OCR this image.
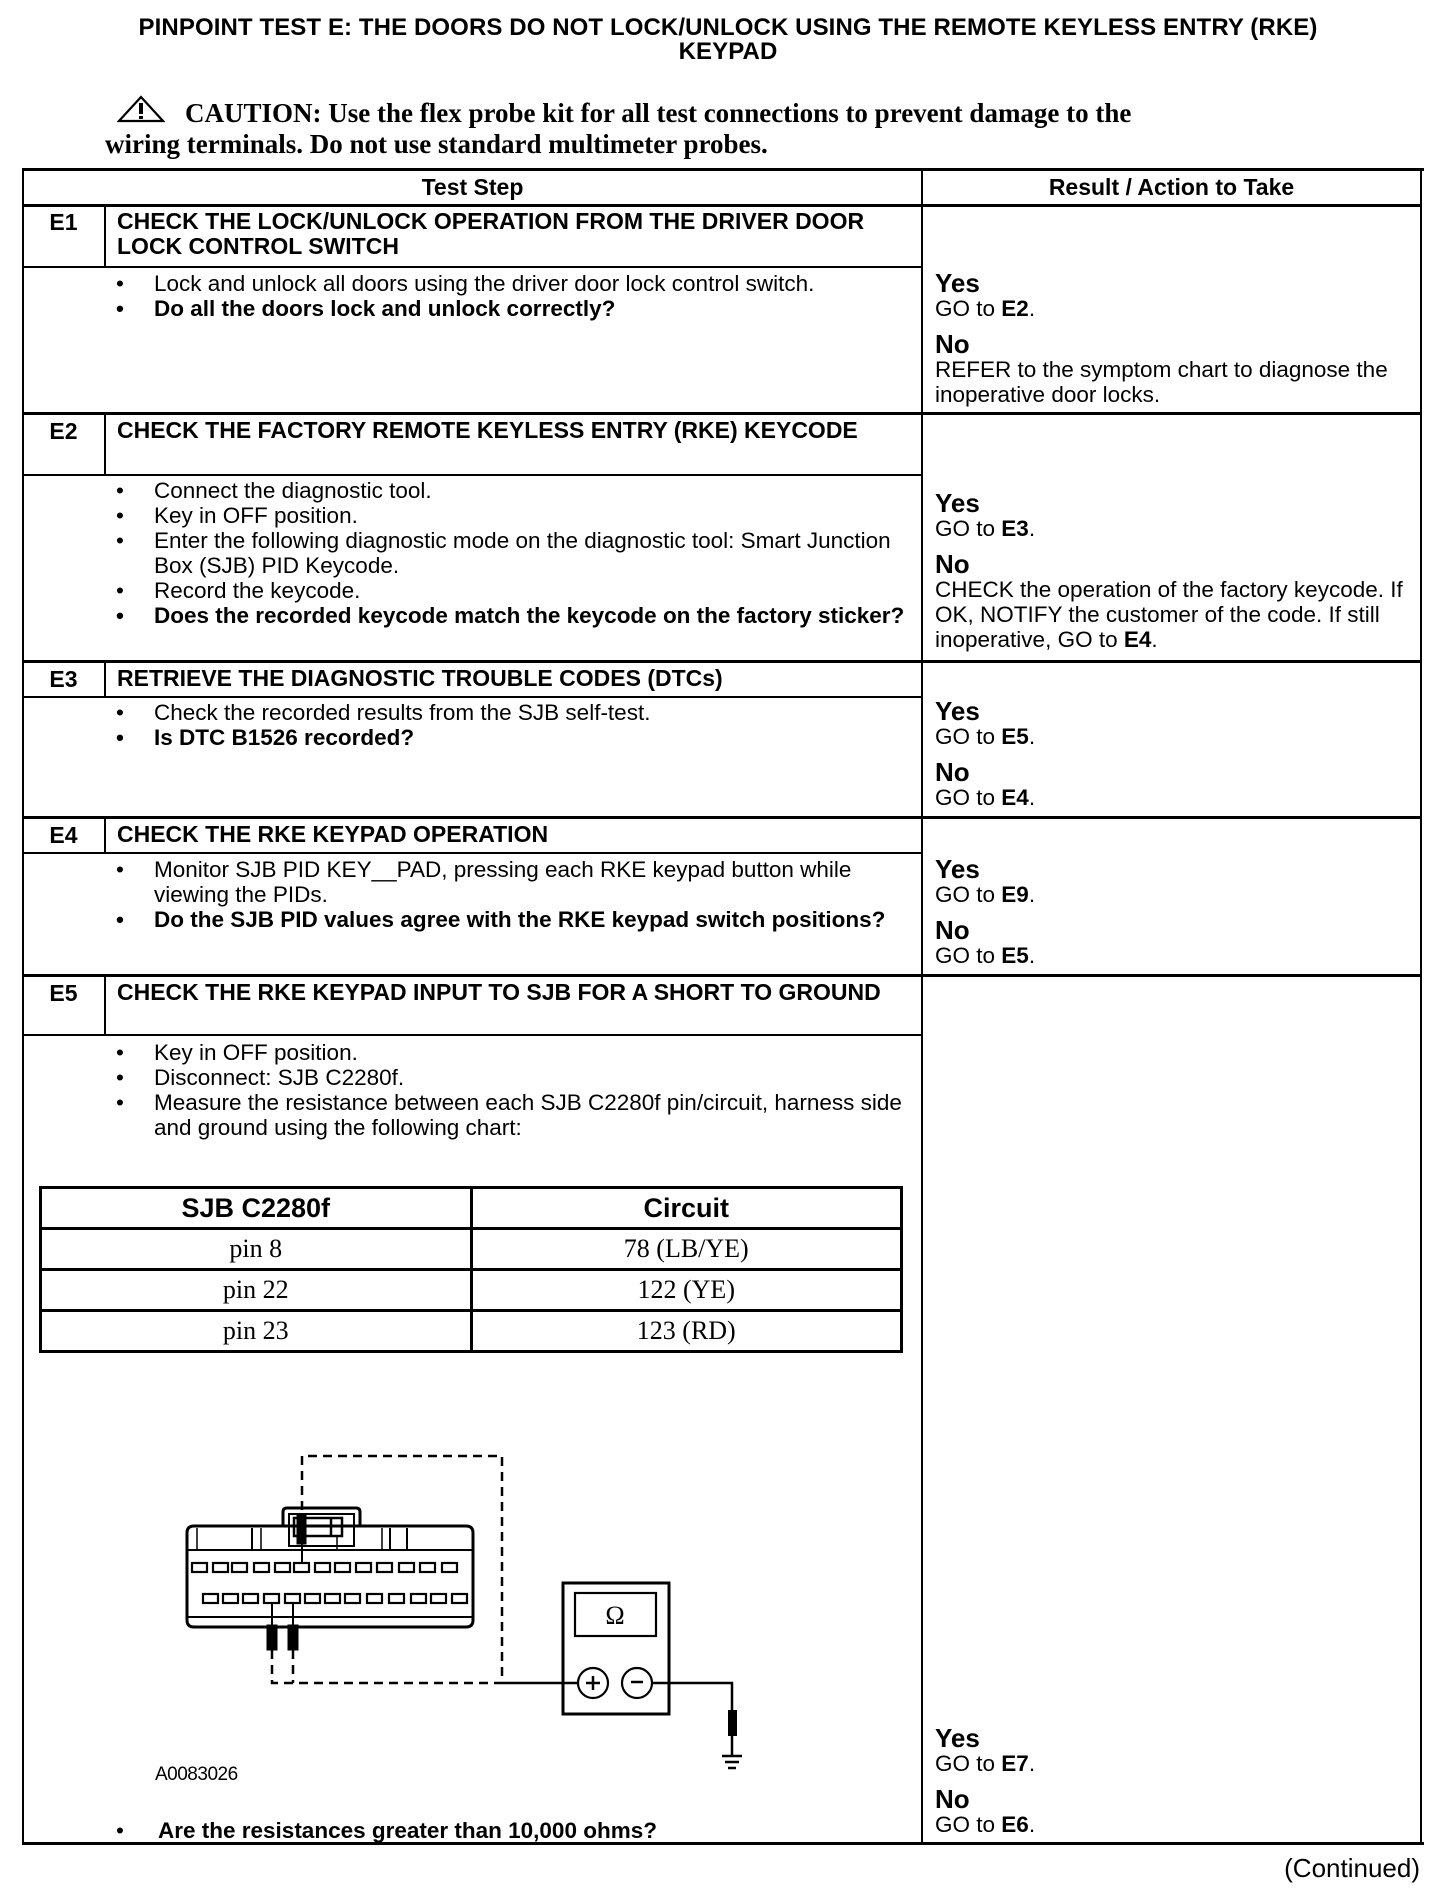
PINPOINT TEST E: THE DOORS DO NOT LOCK/UNLOCK USING THE REMOTE KEYLESS ENTRY (RKE)
KEYPAD
CAUTION: Use the flex probe kit for all test connections to prevent damage to the
wiring terminals. Do not use standard multimeter probes.
Test Step	Result / Action to Take
E1	CHECK THE LOCK/UNLOCK OPERATION FROM THE DRIVER DOOR LOCK CONTROL SWITCH
• Lock and unlock all doors using the driver door lock control switch.
• Do all the doors lock and unlock correctly?
Yes
GO to E2.
No
REFER to the symptom chart to diagnose the inoperative door locks.
E2	CHECK THE FACTORY REMOTE KEYLESS ENTRY (RKE) KEYCODE
• Connect the diagnostic tool.
• Key in OFF position.
• Enter the following diagnostic mode on the diagnostic tool: Smart Junction Box (SJB) PID Keycode.
• Record the keycode.
• Does the recorded keycode match the keycode on the factory sticker?
Yes
GO to E3.
No
CHECK the operation of the factory keycode. If OK, NOTIFY the customer of the code. If still inoperative, GO to E4.
E3	RETRIEVE THE DIAGNOSTIC TROUBLE CODES (DTCs)
• Check the recorded results from the SJB self-test.
• Is DTC B1526 recorded?
Yes
GO to E5.
No
GO to E4.
E4	CHECK THE RKE KEYPAD OPERATION
• Monitor SJB PID KEY__PAD, pressing each RKE keypad button while viewing the PIDs.
• Do the SJB PID values agree with the RKE keypad switch positions?
Yes
GO to E9.
No
GO to E5.
E5	CHECK THE RKE KEYPAD INPUT TO SJB FOR A SHORT TO GROUND
• Key in OFF position.
• Disconnect: SJB C2280f.
• Measure the resistance between each SJB C2280f pin/circuit, harness side and ground using the following chart:
SJB C2280f	Circuit
pin 8	78 (LB/YE)
pin 22	122 (YE)
pin 23	123 (RD)
Ω
A0083026
• Are the resistances greater than 10,000 ohms?
Yes
GO to E7.
No
GO to E6.
(Continued)
